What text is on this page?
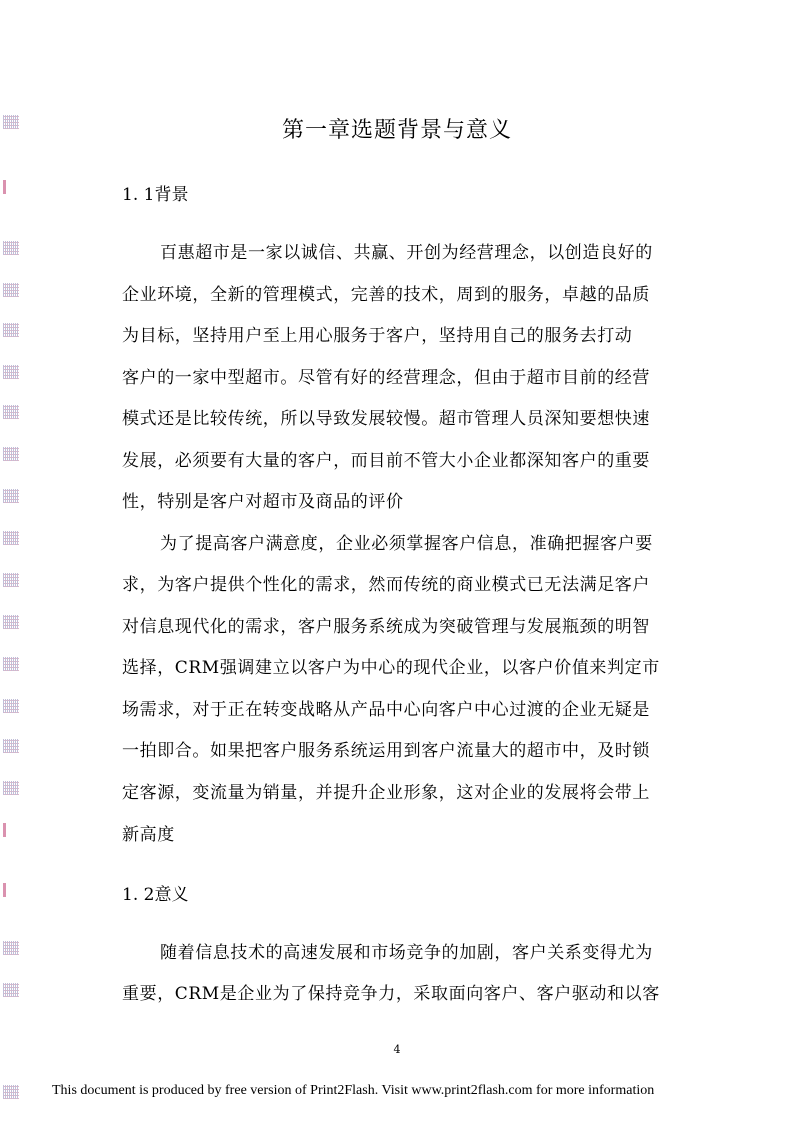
第一章选题背景与意义
1. 1背景
百惠超市是一家以诚信、共赢、开创为经营理念，以创造良好的
企业环境，全新的管理模式，完善的技术，周到的服务，卓越的品质
为目标，坚持用户至上用心服务于客户，坚持用自己的服务去打动
客户的一家中型超市。尽管有好的经营理念，但由于超市目前的经营
模式还是比较传统，所以导致发展较慢。超市管理人员深知要想快速
发展，必须要有大量的客户，而目前不管大小企业都深知客户的重要
性，特别是客户对超市及商品的评价
为了提高客户满意度，企业必须掌握客户信息，准确把握客户要
求，为客户提供个性化的需求，然而传统的商业模式已无法满足客户
对信息现代化的需求，客户服务系统成为突破管理与发展瓶颈的明智
选择，CRM强调建立以客户为中心的现代企业，以客户价值来判定市
场需求，对于正在转变战略从产品中心向客户中心过渡的企业无疑是
一拍即合。如果把客户服务系统运用到客户流量大的超市中，及时锁
定客源，变流量为销量，并提升企业形象，这对企业的发展将会带上
新高度
1. 2意义
随着信息技术的高速发展和市场竞争的加剧，客户关系变得尤为
重要，CRM是企业为了保持竞争力，采取面向客户、客户驱动和以客
4
This document is produced by free version of Print2Flash. Visit www.print2flash.com for more information
